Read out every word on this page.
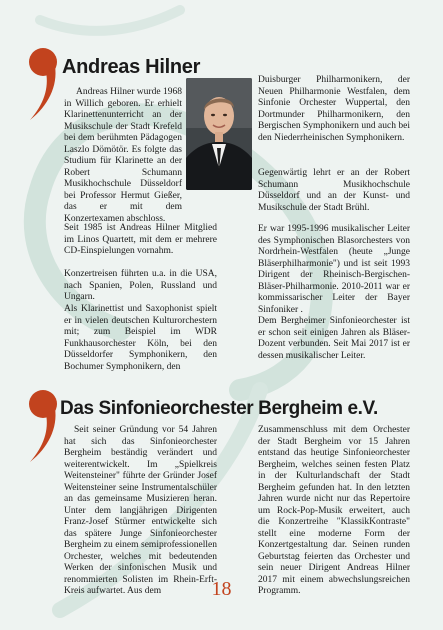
Andreas Hilner

Andreas Hilner wurde 1968 in Willich geboren. Er erhielt Klarinettenunterricht an der Musikschule der Stadt Krefeld bei dem berühmten Pädagogen Laszlo Dömötör. Es folgte das Studium für Klarinette an der Robert Schumann Musikhochschule Düsseldorf bei Professor Hermut Gießer, das er mit dem Konzertexamen abschloss.

Seit 1985 ist Andreas Hilner Mitglied im Linos Quartett, mit dem er mehrere CD-Einspielungen vornahm.

Konzertreisen führten u.a. in die USA, nach Spanien, Polen, Russland und Ungarn.

Als Klarinettist und Saxophonist spielt er in vielen deutschen Kulturorchestern mit; zum Beispiel im WDR Funkhausorchester Köln, bei den Düsseldorfer Symphonikern, den Bochumer Symphonikern, den

Duisburger Philharmonikern, der Neuen Philharmonie Westfalen, dem Sinfonie Orchester Wuppertal, den Dortmunder Philharmonikern, den Bergischen Symphonikern und auch bei den Niederrheinischen Symphonikern.

Gegenwärtig lehrt er an der Robert Schumann Musikhochschule Düsseldorf und an der Kunst- und Musikschule der Stadt Brühl.

Er war 1995-1996 musikalischer Leiter des Symphonischen Blasorchesters von Nordrhein-Westfalen (heute „Junge Bläserphilharmonie") und ist seit 1993 Dirigent der Rheinisch-Bergischen-Bläser-Philharmonie. 2010-2011 war er kommissarischer Leiter der Bayer Sinfoniker .

Dem Bergheimer Sinfonieorchester ist er schon seit einigen Jahren als Bläser-Dozent verbunden. Seit Mai 2017 ist er dessen musikalischer Leiter.

Das Sinfonieorchester Bergheim e.V.

Seit seiner Gründung vor 54 Jahren hat sich das Sinfonieorchester Bergheim beständig verändert und weiterentwickelt. Im „Spielkreis Weitensteiner" führte der Gründer Josef Weitensteiner seine Instrumentalschüler an das gemeinsame Musizieren heran. Unter dem langjährigen Dirigenten Franz-Josef Stürmer entwickelte sich das spätere Junge Sinfonieorchester Bergheim zu einem semiprofessionellen Orchester, welches mit bedeutenden Werken der sinfonischen Musik und renommierten Solisten im Rhein-Erft-Kreis aufwartet. Aus dem

Zusammenschluss mit dem Orchester der Stadt Bergheim vor 15 Jahren entstand das heutige Sinfonieorchester Bergheim, welches seinen festen Platz in der Kulturlandschaft der Stadt Bergheim gefunden hat. In den letzten Jahren wurde nicht nur das Repertoire um Rock-Pop-Musik erweitert, auch die Konzertreihe "KlassikKontraste" stellt eine moderne Form der Konzertgestaltung dar. Seinen runden Geburtstag feierten das Orchester und sein neuer Dirigent Andreas Hilner 2017 mit einem abwechslungsreichen Programm.

18
